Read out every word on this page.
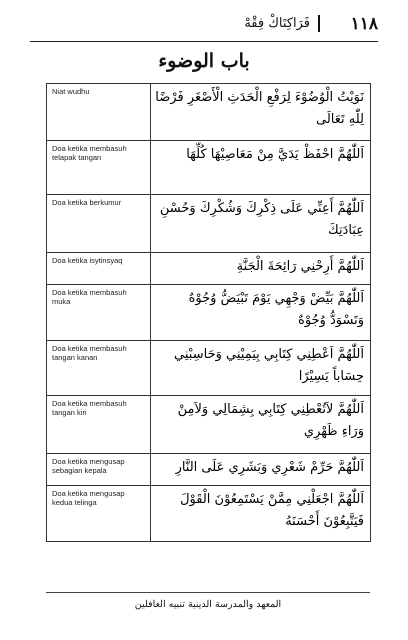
١١٨
فَرَاكِتَاكْ فِقْهْ
باب الوضوء
Niat wudhu	نَوَيْتُ الْوُضُوْءَ لِرَفْعِ الْحَدَثِ الْأَصْغَرِ فَرْضًا لِلّٰهِ تَعَالَى
Doa ketika membasuh telapak tangan	اَللّٰهُمَّ احْفَظْ يَدَيَّ مِنْ مَعَاصِيْهَا كُلِّهَا
Doa ketika berkumur	اَللّٰهُمَّ أَعِنِّي عَلَى ذِكْرِكَ وَشُكْرِكَ وَحُسْنِ عِبَادَتِكَ
Doa ketika isytinsyaq	اَللّٰهُمَّ أَرِحْنِي رَائِحَةَ الْجَنَّةِ
Doa ketika membasuh muka	اَللّٰهُمَّ بَيِّضْ وَجْهِي يَوْمَ تَبْيَضُّ وُجُوْهٌ وَتَسْوَدُّ وُجُوْهٌ
Doa ketika membasuh tangan kanan	اَللّٰهُمَّ اَعْطِنِي كِتَابِي بِيَمِيْنِي وَحَاسِبْنِي حِسَاباً يَسِيْرًا
Doa ketika membasuh tangan kiri	اَللّٰهُمَّ لاَتُعْطِنِي كِتَابِي بِشِمَالِي وَلاَمِنْ وَرَاءِ ظَهْرِي
Doa ketika mengusap sebagian kepala	اَللّٰهُمَّ حَرِّمْ شَعْرِي وَبَشَرِي عَلَى النَّارِ
Doa ketika mengusap kedua telinga	اَللّٰهُمَّ اجْعَلْنِي مِمَّنْ يَسْتَمِعُوْنَ الْقَوْلَ فَيَتَّبِعُوْنَ أَحْسَنَهُ
المعهد والمدرسة الدينية تنبيه الغافلين
